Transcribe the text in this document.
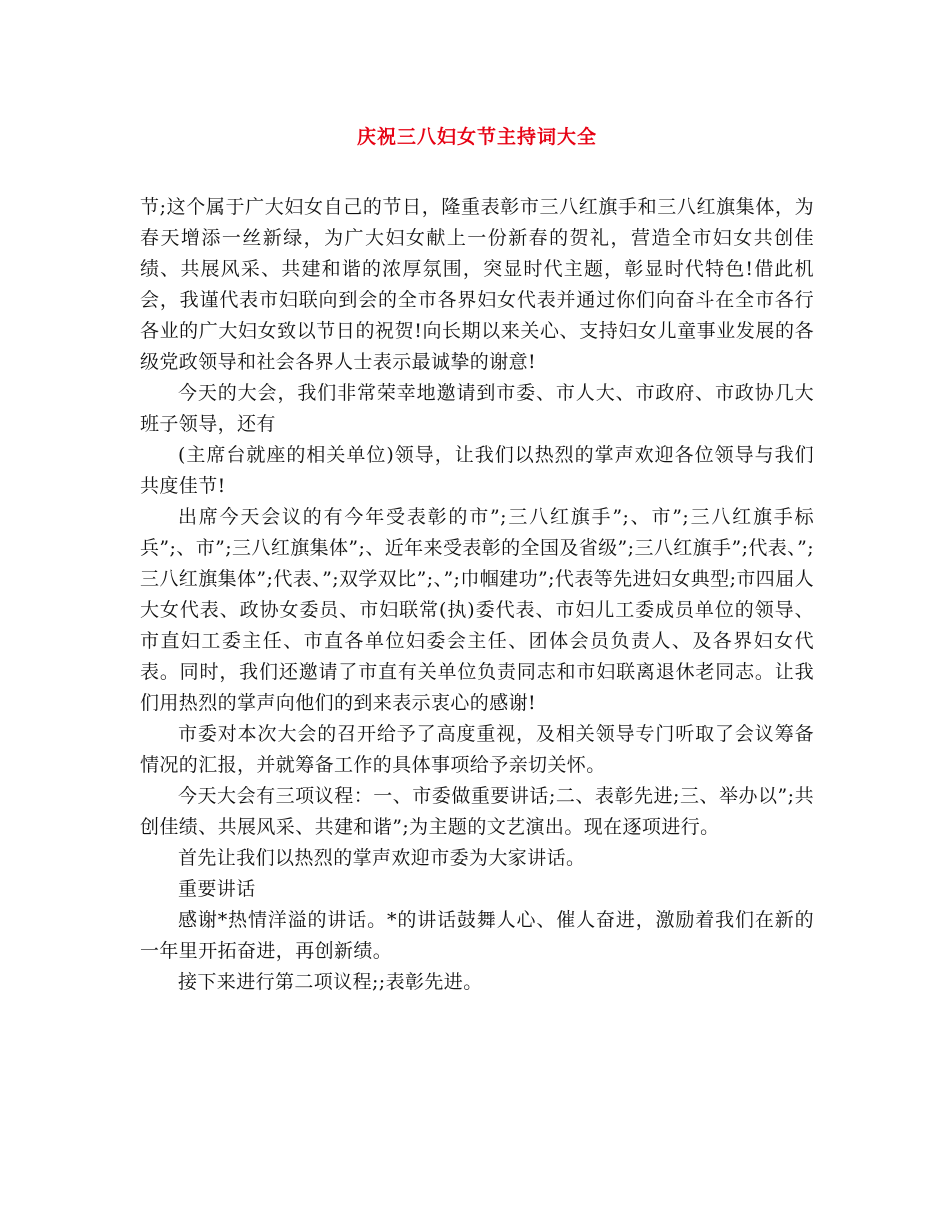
庆祝三八妇女节主持词大全

节;这个属于广大妇女自己的节日，隆重表彰市三八红旗手和三八红旗集体，为春天增添一丝新绿，为广大妇女献上一份新春的贺礼，营造全市妇女共创佳绩、共展风采、共建和谐的浓厚氛围，突显时代主题，彰显时代特色!借此机会，我谨代表市妇联向到会的全市各界妇女代表并通过你们向奋斗在全市各行各业的广大妇女致以节日的祝贺!向长期以来关心、支持妇女儿童事业发展的各级党政领导和社会各界人士表示最诚挚的谢意!

今天的大会，我们非常荣幸地邀请到市委、市人大、市政府、市政协几大班子领导，还有

(主席台就座的相关单位)领导，让我们以热烈的掌声欢迎各位领导与我们共度佳节!

出席今天会议的有今年受表彰的市”;三八红旗手”;、市”;三八红旗手标兵”;、市”;三八红旗集体”;、近年来受表彰的全国及省级”;三八红旗手”;代表、”;三八红旗集体”;代表、”;双学双比”;、”;巾帼建功”;代表等先进妇女典型;市四届人大女代表、政协女委员、市妇联常(执)委代表、市妇儿工委成员单位的领导、市直妇工委主任、市直各单位妇委会主任、团体会员负责人、及各界妇女代表。同时，我们还邀请了市直有关单位负责同志和市妇联离退休老同志。让我们用热烈的掌声向他们的到来表示衷心的感谢!

市委对本次大会的召开给予了高度重视，及相关领导专门听取了会议筹备情况的汇报，并就筹备工作的具体事项给予亲切关怀。

今天大会有三项议程：一、市委做重要讲话;二、表彰先进;三、举办以”;共创佳绩、共展风采、共建和谐”;为主题的文艺演出。现在逐项进行。

首先让我们以热烈的掌声欢迎市委为大家讲话。

重要讲话

感谢*热情洋溢的讲话。*的讲话鼓舞人心、催人奋进，激励着我们在新的一年里开拓奋进，再创新绩。

接下来进行第二项议程;;表彰先进。
